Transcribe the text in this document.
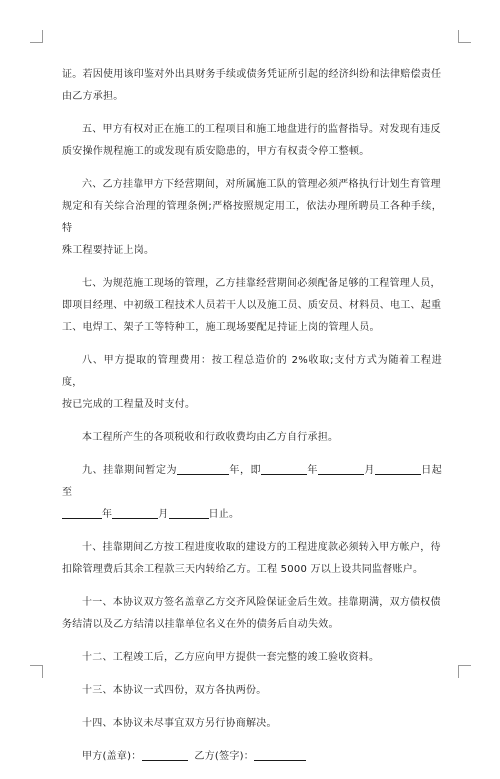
证。若因使用该印鉴对外出具财务手续或债务凭证所引起的经济纠纷和法律赔偿责任
由乙方承担。

五、甲方有权对正在施工的工程项目和施工地盘进行的监督指导。对发现有违反
质安操作规程施工的或发现有质安隐患的，甲方有权责令停工整顿。

六、乙方挂靠甲方下经营期间，对所属施工队的管理必须严格执行计划生育管理
规定和有关综合治理的管理条例;严格按照规定用工，依法办理所聘员工各种手续，特
殊工程要持证上岗。

七、为规范施工现场的管理，乙方挂靠经营期间必须配备足够的工程管理人员，
即项目经理、中初级工程技术人员若干人以及施工员、质安员、材料员、电工、起重
工、电焊工、架子工等特种工，施工现场要配足持证上岗的管理人员。

八、甲方提取的管理费用：按工程总造价的 2%收取;支付方式为随着工程进度，
按已完成的工程量及时支付。

本工程所产生的各项税收和行政收费均由乙方自行承担。

九、挂靠期间暂定为	年，即	年	月	日起至
年	月	日止。

十、挂靠期间乙方按工程进度收取的建设方的工程进度款必须转入甲方帐户，待
扣除管理费后其余工程款三天内转给乙方。工程 5000 万以上设共同监督账户。

十一、本协议双方签名盖章乙方交齐风险保证金后生效。挂靠期满，双方债权债
务结清以及乙方结清以挂靠单位名义在外的债务后自动失效。

十二、工程竣工后，乙方应向甲方提供一套完整的竣工验收资料。

十三、本协议一式四份，双方各执两份。

十四、本协议未尽事宜双方另行协商解决。

甲方(盖章)：	乙方(签字)：
